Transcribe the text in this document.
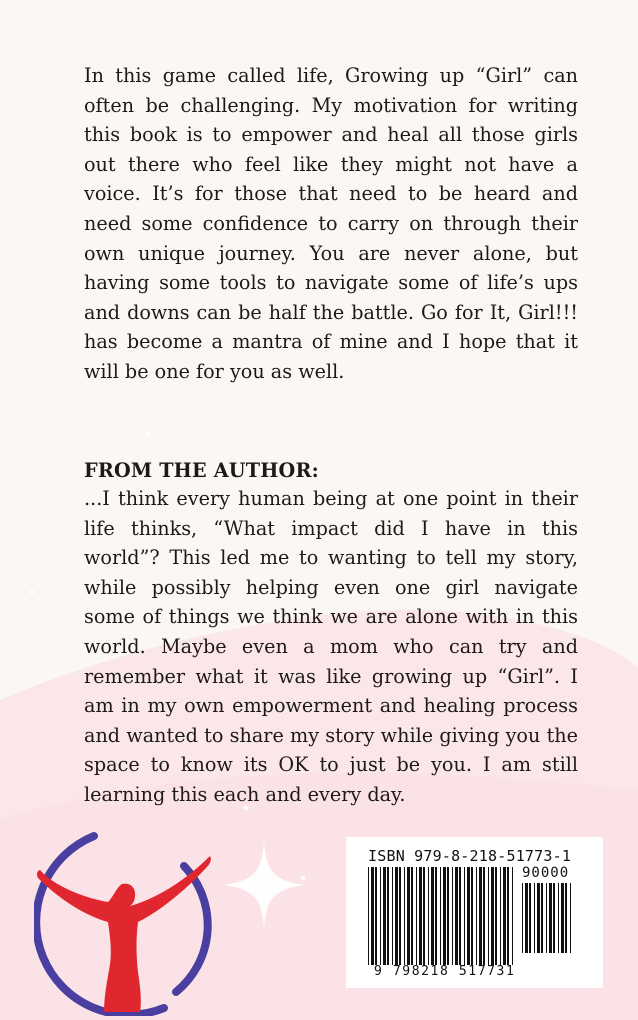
In this game called life, Growing up “Girl” can often be challenging. My motivation for writing this book is to empower and heal all those girls out there who feel like they might not have a voice. It’s for those that need to be heard and need some confidence to carry on through their own unique journey. You are never alone, but having some tools to navigate some of life’s ups and downs can be half the battle. Go for It, Girl!!! has become a mantra of mine and I hope that it will be one for you as well.

FROM THE AUTHOR:

...I think every human being at one point in their life thinks, “What impact did I have in this world”? This led me to wanting to tell my story, while possibly helping even one girl navigate some of things we think we are alone with in this world. Maybe even a mom who can try and remember what it was like growing up “Girl”. I am in my own empowerment and healing process and wanted to share my story while giving you the space to know its OK to just be you. I am still learning this each and every day.

ISBN 979-8-218-51773-1
90000
9 798218 517731
